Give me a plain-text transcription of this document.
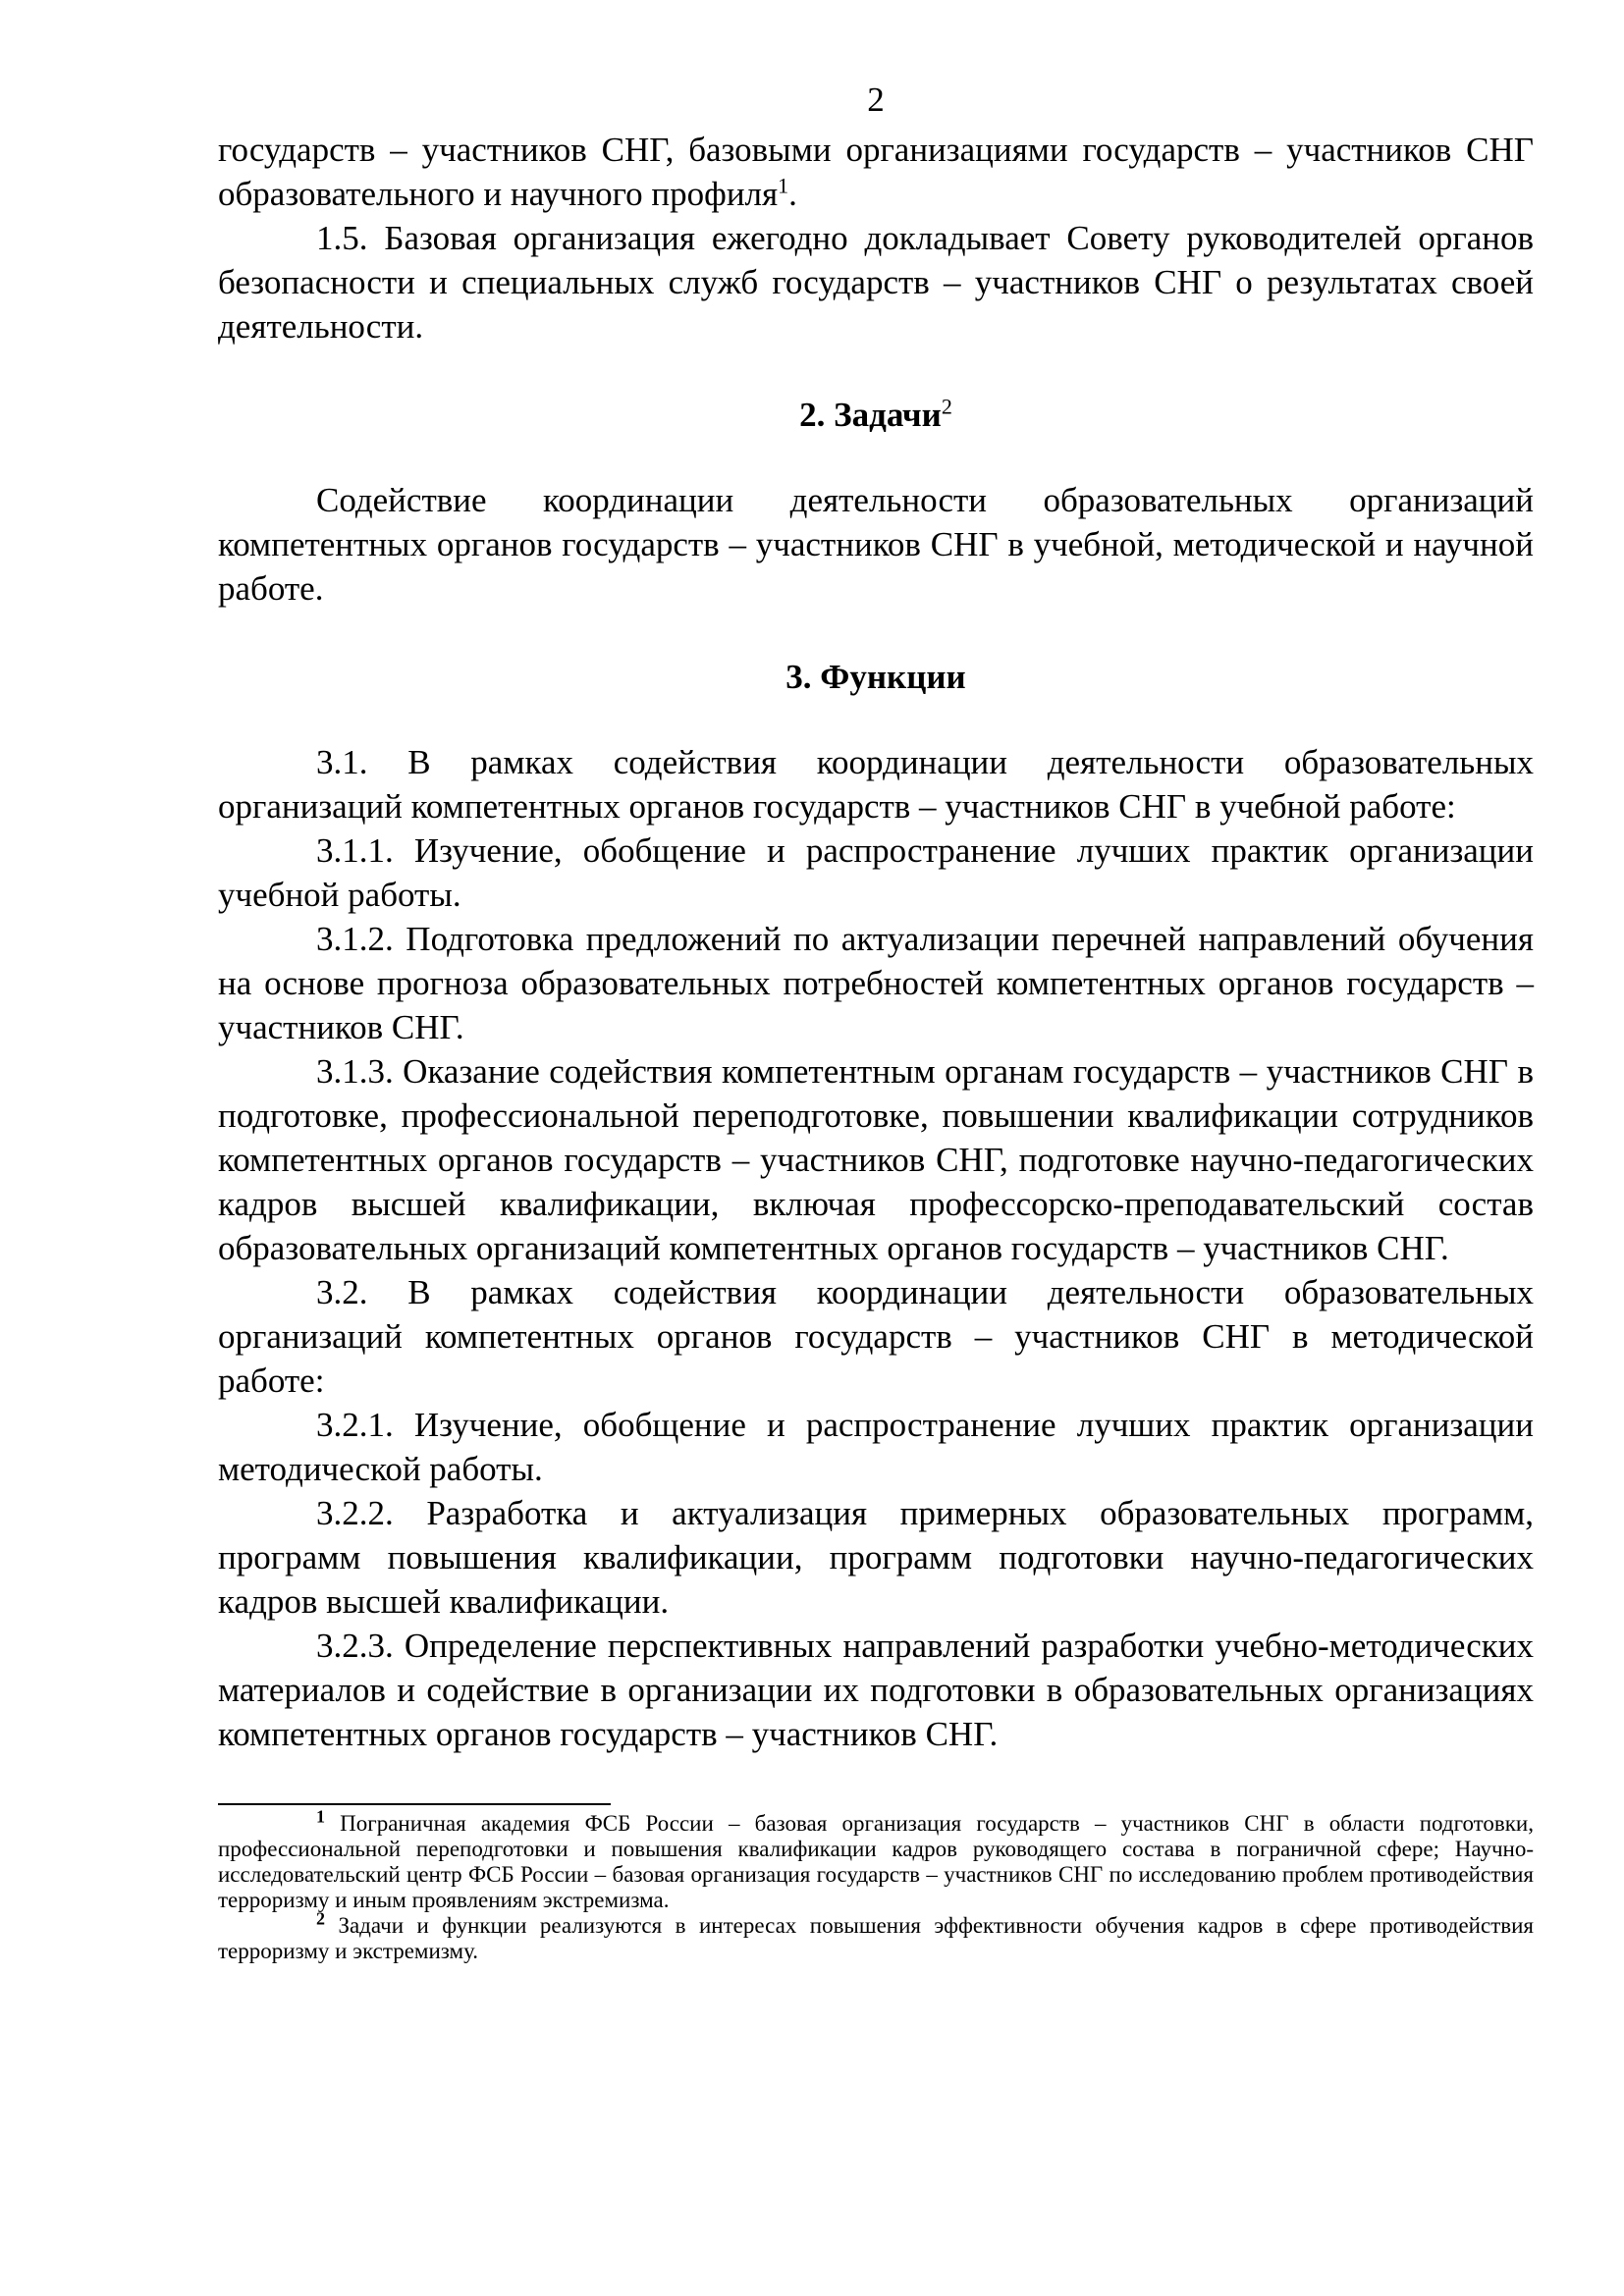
2

государств – участников СНГ, базовыми организациями государств – участников СНГ образовательного и научного профиля$^1$.

1.5. Базовая организация ежегодно докладывает Совету руководителей органов безопасности и специальных служб государств – участников СНГ о результатах своей деятельности.

2. Задачи$^2$

Содействие координации деятельности образовательных организаций компетентных органов государств – участников СНГ в учебной, методической и научной работе.

3. Функции

3.1. В рамках содействия координации деятельности образовательных организаций компетентных органов государств – участников СНГ в учебной работе:

3.1.1. Изучение, обобщение и распространение лучших практик организации учебной работы.

3.1.2. Подготовка предложений по актуализации перечней направлений обучения на основе прогноза образовательных потребностей компетентных органов государств – участников СНГ.

3.1.3. Оказание содействия компетентным органам государств – участников СНГ в подготовке, профессиональной переподготовке, повышении квалификации сотрудников компетентных органов государств – участников СНГ, подготовке научно-педагогических кадров высшей квалификации, включая профессорско-преподавательский состав образовательных организаций компетентных органов государств – участников СНГ.

3.2. В рамках содействия координации деятельности образовательных организаций компетентных органов государств – участников СНГ в методической работе:

3.2.1. Изучение, обобщение и распространение лучших практик организации методической работы.

3.2.2. Разработка и актуализация примерных образовательных программ, программ повышения квалификации, программ подготовки научно-педагогических кадров высшей квалификации.

3.2.3. Определение перспективных направлений разработки учебно-методических материалов и содействие в организации их подготовки в образовательных организациях компетентных органов государств – участников СНГ.

$^1$ Пограничная академия ФСБ России – базовая организация государств – участников СНГ в области подготовки, профессиональной переподготовки и повышения квалификации кадров руководящего состава в пограничной сфере; Научно-исследовательский центр ФСБ России – базовая организация государств – участников СНГ по исследованию проблем противодействия терроризму и иным проявлениям экстремизма.

$^2$ Задачи и функции реализуются в интересах повышения эффективности обучения кадров в сфере противодействия терроризму и экстремизму.
